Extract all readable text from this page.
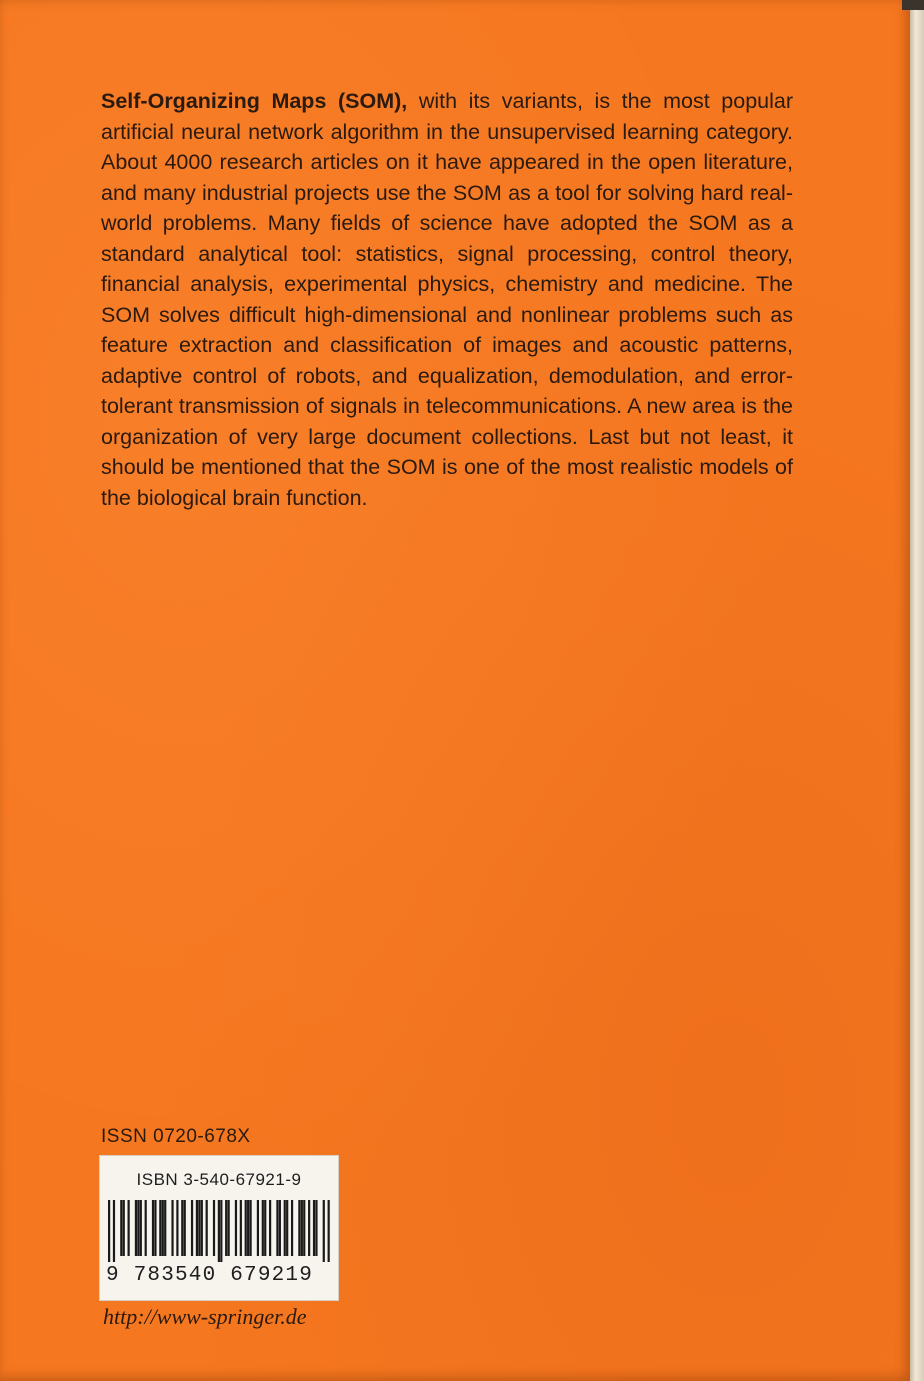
Self-Organizing Maps (SOM), with its variants, is the most popular artificial neural network algorithm in the unsupervised learning category. About 4000 research articles on it have appeared in the open literature, and many industrial projects use the SOM as a tool for solving hard real-world problems. Many fields of science have adopted the SOM as a standard analytical tool: statistics, signal processing, control theory, financial analysis, experimental physics, chemistry and medicine. The SOM solves difficult high-dimensional and nonlinear problems such as feature extraction and classification of images and acoustic patterns, adaptive control of robots, and equalization, demodulation, and error-tolerant transmission of signals in telecommunications. A new area is the organization of very large document collections. Last but not least, it should be mentioned that the SOM is one of the most realistic models of the biological brain function.

ISSN 0720-678X
ISBN 3-540-67921-9
9 783540 679219
http://www-springer.de
